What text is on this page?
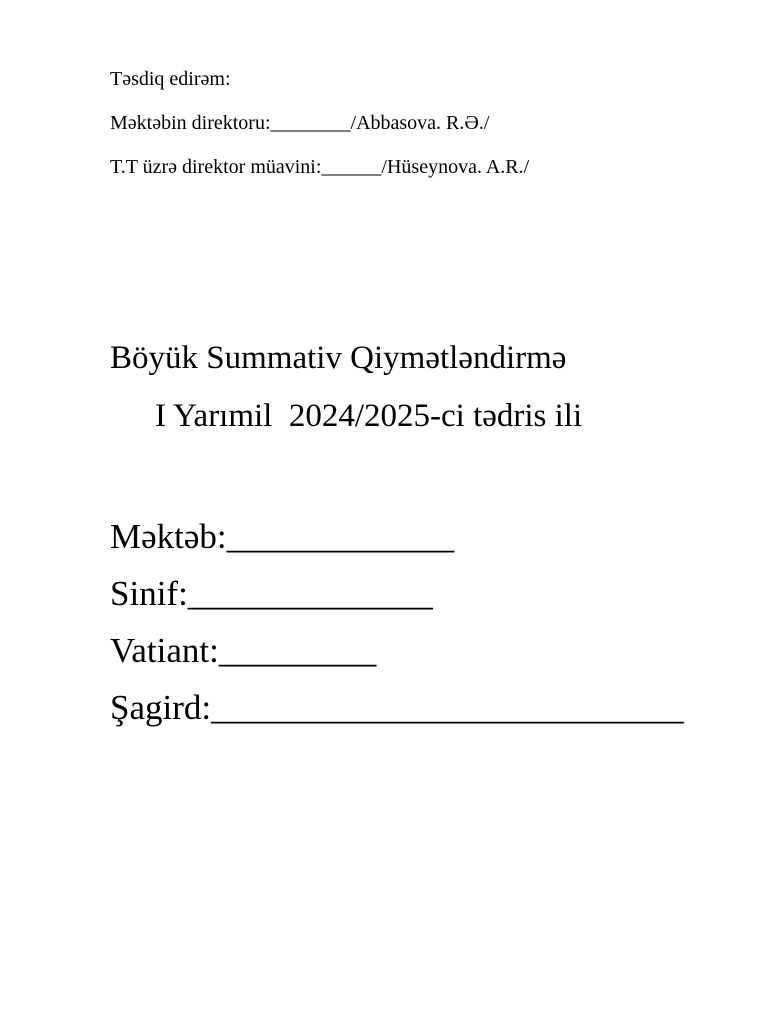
Təsdiq edirəm:
Məktəbin direktoru:________/Abbasova. R.Ə./
T.T üzrə direktor müavini:______/Hüseynova. A.R./
Böyük Summativ Qiymətləndirmə
I Yarımil  2024/2025-ci tədris ili
Məktəb:_____________
Sinif:______________
Vatiant:_________
Şagird:___________________________
